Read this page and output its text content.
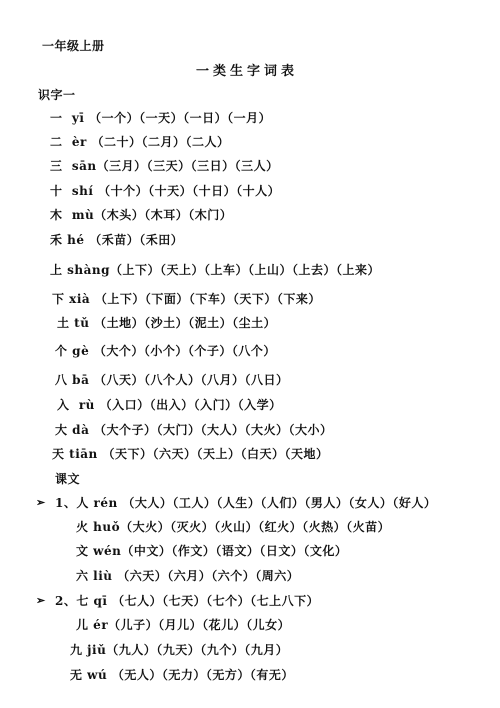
一年级上册
一类生字词表
识字一
一  yī （一个）（一天）（一日）（一月）
二  èr （二十）（二月）（二人）
三  sān（三月）（三天）（三日）（三人）
十  shí （十个）（十天）（十日）（十人）
木  mù（木头）（木耳）（木门）
禾 hé （禾苗）（禾田）
上 shàng（上下）（天上）（上车）（上山）（上去）（上来）
下 xià （上下）（下面）（下车）（天下）（下来）
土 tǔ （土地）（沙土）（泥土）（尘土）
个 gè （大个）（小个）（个子）（八个）
八 bā （八天）（八个人）（八月）（八日）
入  rù （入口）（出入）（入门）（入学）
大 dà （大个子）（大门）（大人）（大火）（大小）
天 tiān （天下）（六天）（天上）（白天）（天地）
课文
➢ 1、人 rén （大人）（工人）（人生）（人们）（男人）（女人）（好人）
火 huǒ（大火）（灭火）（火山）（红火）（火热）（火苗）
文 wén（中文）（作文）（语文）（日文）（文化）
六 liù （六天）（六月）（六个）（周六）
➢ 2、七 qī （七人）（七天）（七个）（七上八下）
儿 ér（儿子）（月儿）（花儿）（儿女）
九 jiǔ（九人）（九天）（九个）（九月）
无 wú （无人）（无力）（无方）（有无）
